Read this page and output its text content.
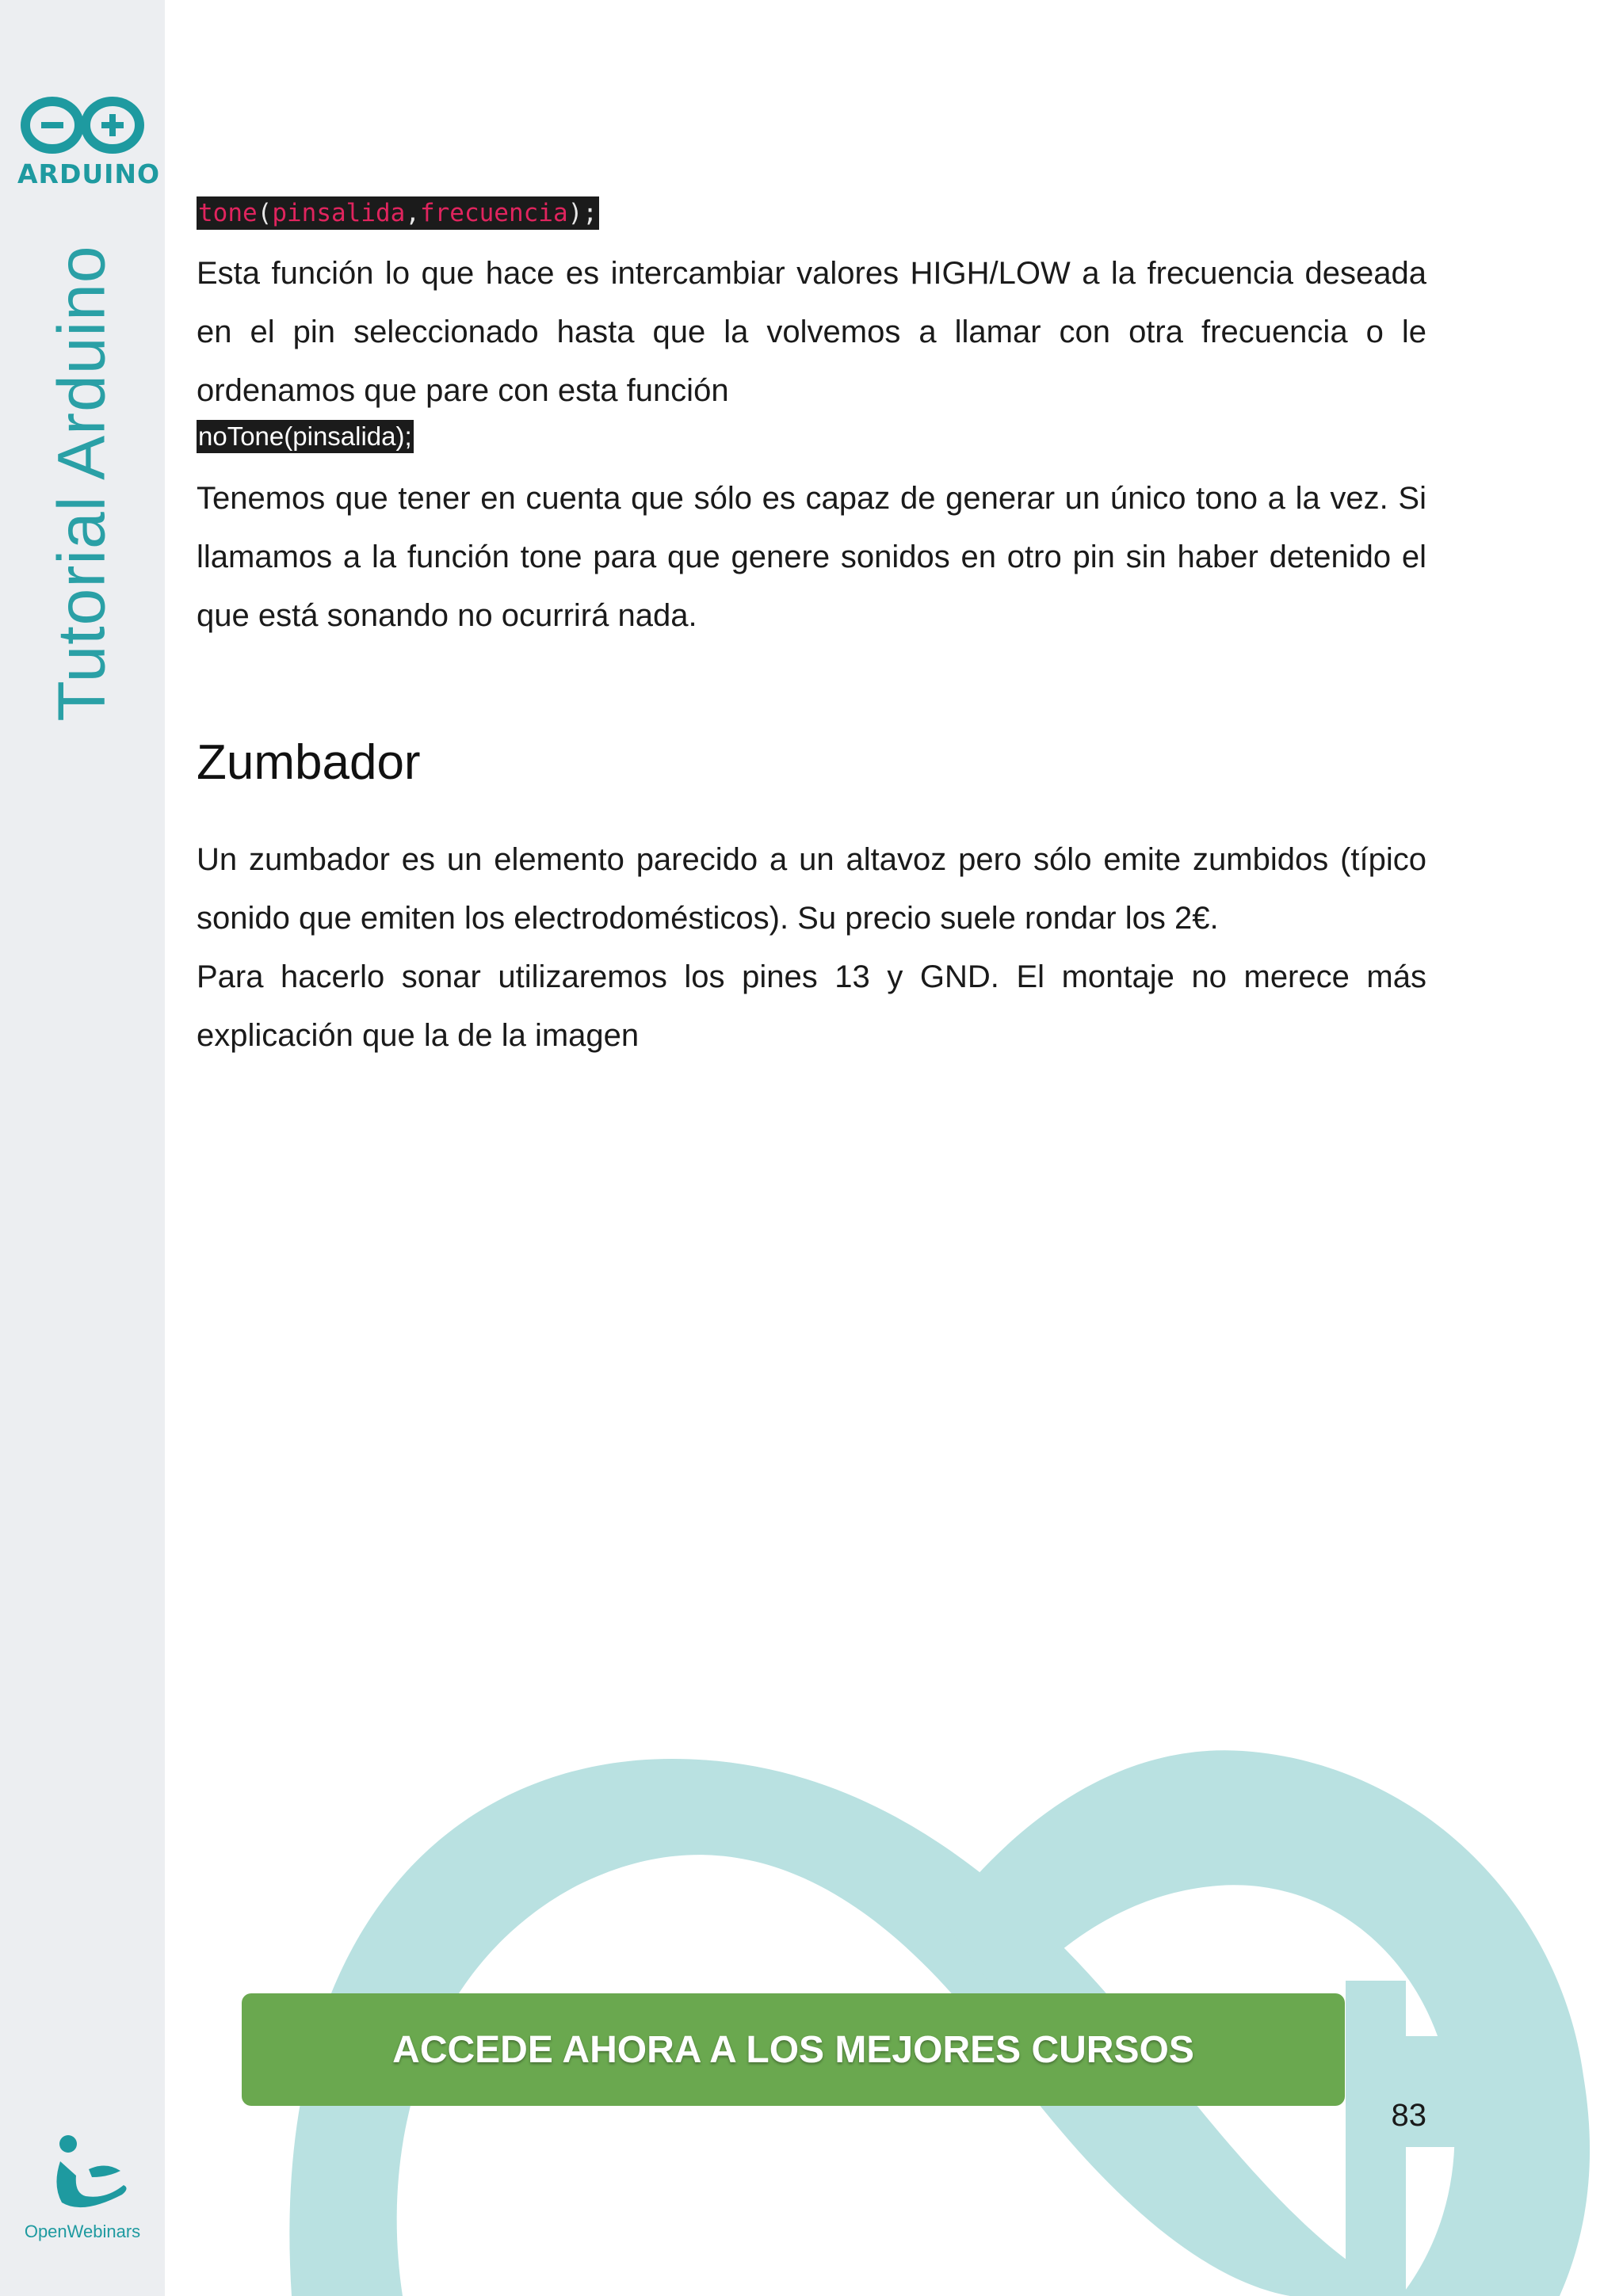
ARDUINO
Tutorial Arduino
OpenWebinars
tone(pinsalida,frecuencia);

Esta función lo que hace es intercambiar valores HIGH/LOW a la frecuencia deseada en el pin seleccionado hasta que la volvemos a llamar con otra frecuencia o le ordenamos que pare con esta función

noTone(pinsalida);

Tenemos que tener en cuenta que sólo es capaz de generar un único tono a la vez. Si llamamos a la función tone para que genere sonidos en otro pin sin haber detenido el que está sonando no ocurrirá nada.

Zumbador

Un zumbador es un elemento parecido a un altavoz pero sólo emite zumbidos (típico sonido que emiten los electrodomésticos). Su precio suele rondar los 2€.

Para hacerlo sonar utilizaremos los pines 13 y GND. El montaje no merece más explicación que la de la imagen

ACCEDE AHORA A LOS MEJORES CURSOS
83
